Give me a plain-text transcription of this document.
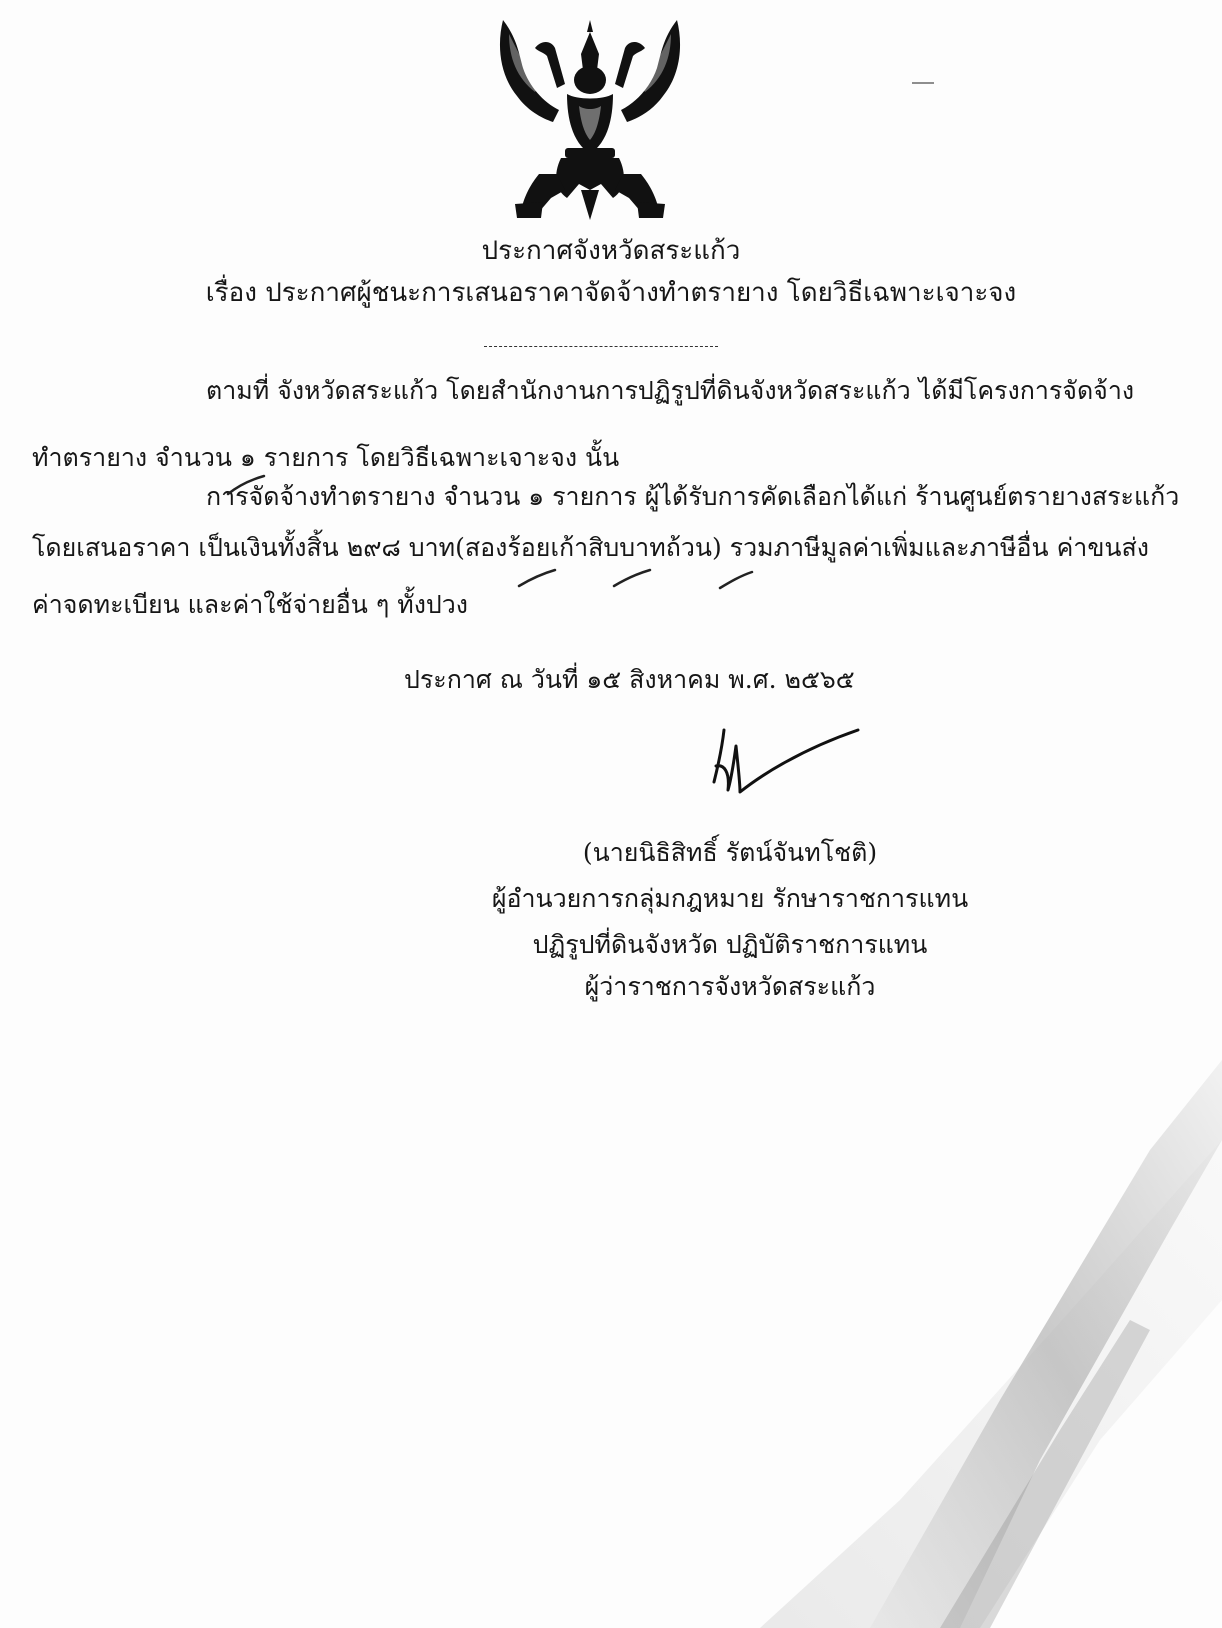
ประกาศจังหวัดสระแก้ว
เรื่อง ประกาศผู้ชนะการเสนอราคาจัดจ้างทำตรายาง โดยวิธีเฉพาะเจาะจง
ตามที่ จังหวัดสระแก้ว โดยสำนักงานการปฏิรูปที่ดินจังหวัดสระแก้ว ได้มีโครงการจัดจ้าง
ทำตรายาง จำนวน ๑ รายการ โดยวิธีเฉพาะเจาะจง นั้น
การจัดจ้างทำตรายาง จำนวน ๑ รายการ ผู้ได้รับการคัดเลือกได้แก่ ร้านศูนย์ตรายางสระแก้ว
โดยเสนอราคา เป็นเงินทั้งสิ้น ๒๙๘ บาท(สองร้อยเก้าสิบบาทถ้วน) รวมภาษีมูลค่าเพิ่มและภาษีอื่น ค่าขนส่ง
ค่าจดทะเบียน และค่าใช้จ่ายอื่น ๆ ทั้งปวง
ประกาศ ณ วันที่ ๑๕ สิงหาคม พ.ศ. ๒๕๖๕
(นายนิธิสิทธิ์ รัตน์จันทโชติ)
ผู้อำนวยการกลุ่มกฎหมาย รักษาราชการแทน
ปฏิรูปที่ดินจังหวัด ปฏิบัติราชการแทน
ผู้ว่าราชการจังหวัดสระแก้ว
